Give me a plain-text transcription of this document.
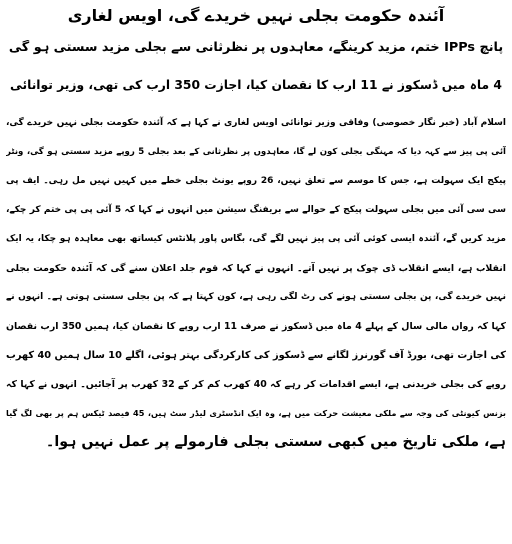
آئندہ حکومت بجلی نہیں خریدے گی، اویس لغاری

پانچ IPPs ختم، مزید کرینگے، معاہدوں پر نظرثانی سے بجلی مزید سستی ہو گی

4 ماہ میں ڈسکوز نے 11 ارب کا نقصان کیا، اجازت 350 ارب کی تھی، وزیر توانائی

اسلام آباد (خبر نگار خصوصی) وفاقی وزیر توانائی اویس لغاری نے کہا ہے کہ آئندہ حکومت بجلی نہیں خریدے گی،
آئی پی پیز سے کہہ دیا کہ مہنگی بجلی کون لے گا، معاہدوں پر نظرثانی کے بعد بجلی 5 روپے مزید سستی ہو گی، ونٹر
پیکج ایک سہولت ہے، جس کا موسم سے تعلق نہیں، 26 روپے یونٹ بجلی خطے میں کہیں نہیں مل رہی۔ ایف پی
سی سی آئی میں بجلی سہولت پیکج کے حوالے سے بریفنگ سیشن میں انہوں نے کہا کہ 5 آئی پی پی ختم کر چکے،
مزید کریں گے، آئندہ ایسی کوئی آئی پی پیز نہیں لگے گی، بگاس پاور پلانٹس کیساتھ بھی معاہدہ ہو چکا، یہ ایک
انقلاب ہے، ایسے انقلاب ڈی چوک پر نہیں آتے۔ انہوں نے کہا کہ قوم جلد اعلان سنے گی کہ آئندہ حکومت بجلی
نہیں خریدے گی، پن بجلی سستی ہونے کی رٹ لگی رہی ہے، کون کہتا ہے کہ پن بجلی سستی ہوتی ہے۔ انہوں نے
کہا کہ رواں مالی سال کے پہلے 4 ماہ میں ڈسکوز نے صرف 11 ارب روپے کا نقصان کیا، ہمیں 350 ارب نقصان
کی اجازت تھی، بورڈ آف گورنرز لگانے سے ڈسکوز کی کارکردگی بہتر ہوئی، اگلے 10 سال ہمیں 40 کھرب
روپے کی بجلی خریدنی ہے، ایسے اقدامات کر رہے کہ 40 کھرب کم کر کے 32 کھرب پر آجائیں۔ انہوں نے کہا کہ
بزنس کیونٹی کی وجہ سے ملکی معیشت حرکت میں ہے، وہ ایک انڈسٹری لیڈر سٹ ہیں، 45 فیصد ٹیکس ہم پر بھی لگ گیا
ہے، ملکی تاریخ میں کبھی سستی بجلی فارمولے پر عمل نہیں ہوا۔
